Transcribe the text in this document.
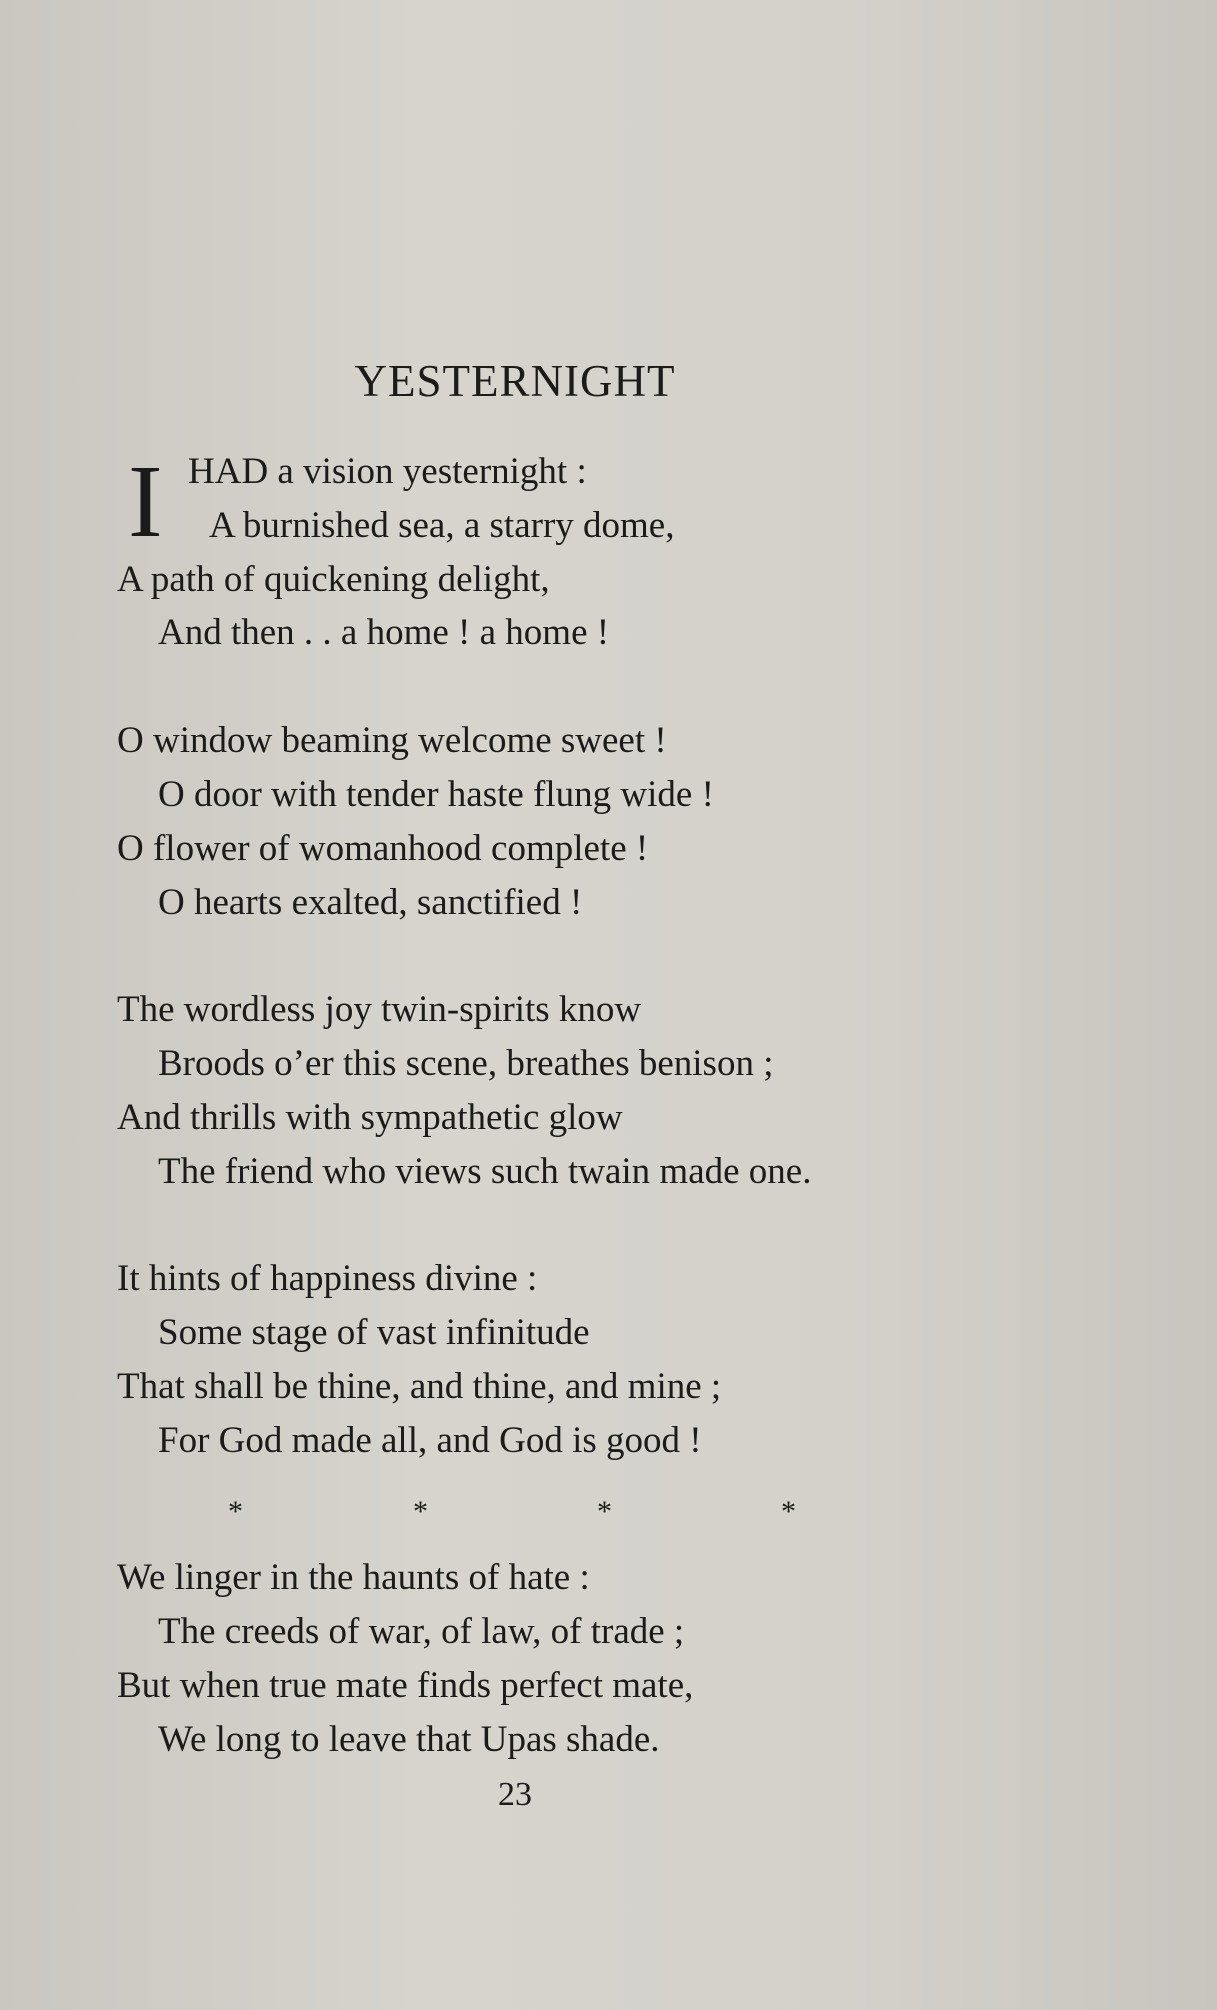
YESTERNIGHT
I HAD a vision yesternight :
A burnished sea, a starry dome,
A path of quickening delight,
And then . . a home ! a home !
O window beaming welcome sweet !
O door with tender haste flung wide !
O flower of womanhood complete !
O hearts exalted, sanctified !
The wordless joy twin-spirits know
Broods o’er this scene, breathes benison ;
And thrills with sympathetic glow
The friend who views such twain made one.
It hints of happiness divine :
Some stage of vast infinitude
That shall be thine, and thine, and mine ;
For God made all, and God is good !
*	*	*	*
We linger in the haunts of hate :
The creeds of war, of law, of trade ;
But when true mate finds perfect mate,
We long to leave that Upas shade.
23
